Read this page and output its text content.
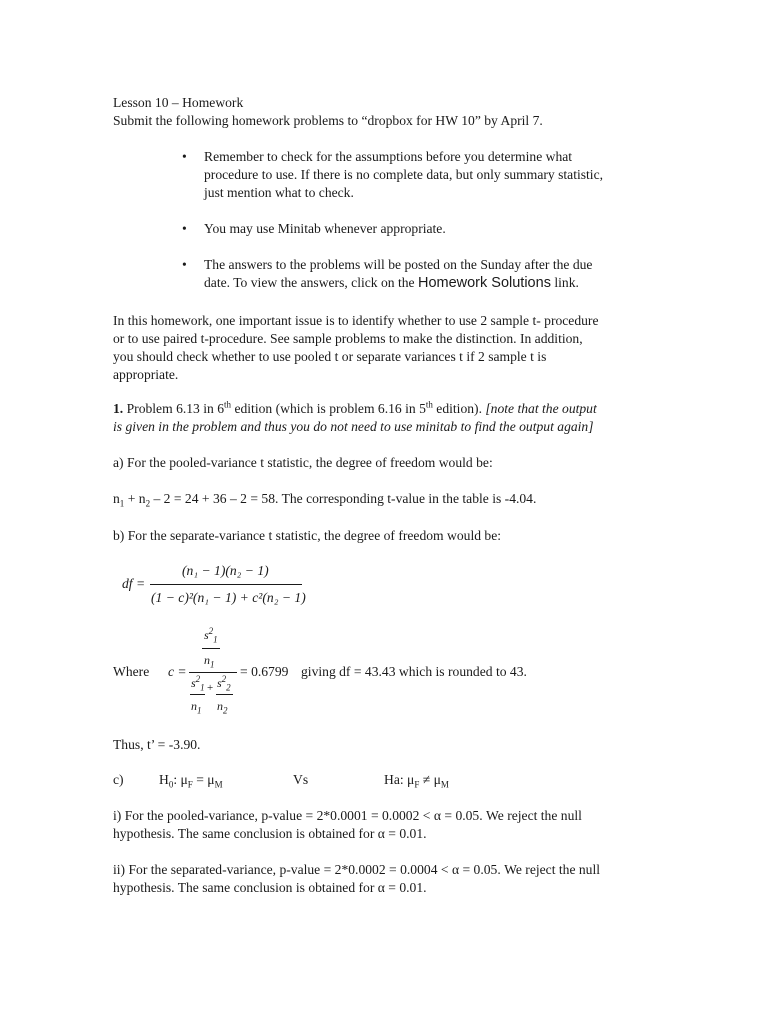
Lesson 10 – Homework

Submit the following homework problems to “dropbox for HW 10” by April 7.

• Remember to check for the assumptions before you determine what
procedure to use. If there is no complete data, but only summary statistic,
just mention what to check.
• You may use Minitab whenever appropriate.
• The answers to the problems will be posted on the Sunday after the due
date. To view the answers, click on the Homework Solutions link.
In this homework, one important issue is to identify whether to use 2 sample t- procedure
or to use paired t-procedure. See sample problems to make the distinction. In addition,
you should check whether to use pooled t or separate variances t if 2 sample t is
appropriate.
1. Problem 6.13 in 6th edition (which is problem 6.16 in 5th edition). [note that the output
is given in the problem and thus you do not need to use minitab to find the output again]

a) For the pooled-variance t statistic, the degree of freedom would be:

$n_1 + n_2 - 2 = 24 + 36 - 2 = 58$. The corresponding t-value in the table is -4.04.

b) For the separate-variance t statistic, the degree of freedom would be:

df =
(n₁ − 1)(n₂ − 1)
(1 − c)²(n₁ − 1) + c²(n₂ − 1)
Where c =
$s^2_1$
$n_1$
$s^2_1 + s^2_2$
$n_1$ $n_2$
= 0.6799 giving df = 43.43 which is rounded to 43.

Thus, t’ = -3.90.

c)	$H_0$: $\mu_F = \mu_M$	Vs	Ha: $\mu_F \ne \mu_M$
i) For the pooled-variance, p-value = 2*0.0001 = 0.0002 < α = 0.05. We reject the null
hypothesis. The same conclusion is obtained for α = 0.01.
ii) For the separated-variance, p-value = 2*0.0002 = 0.0004 < α = 0.05. We reject the null
hypothesis. The same conclusion is obtained for α = 0.01.
